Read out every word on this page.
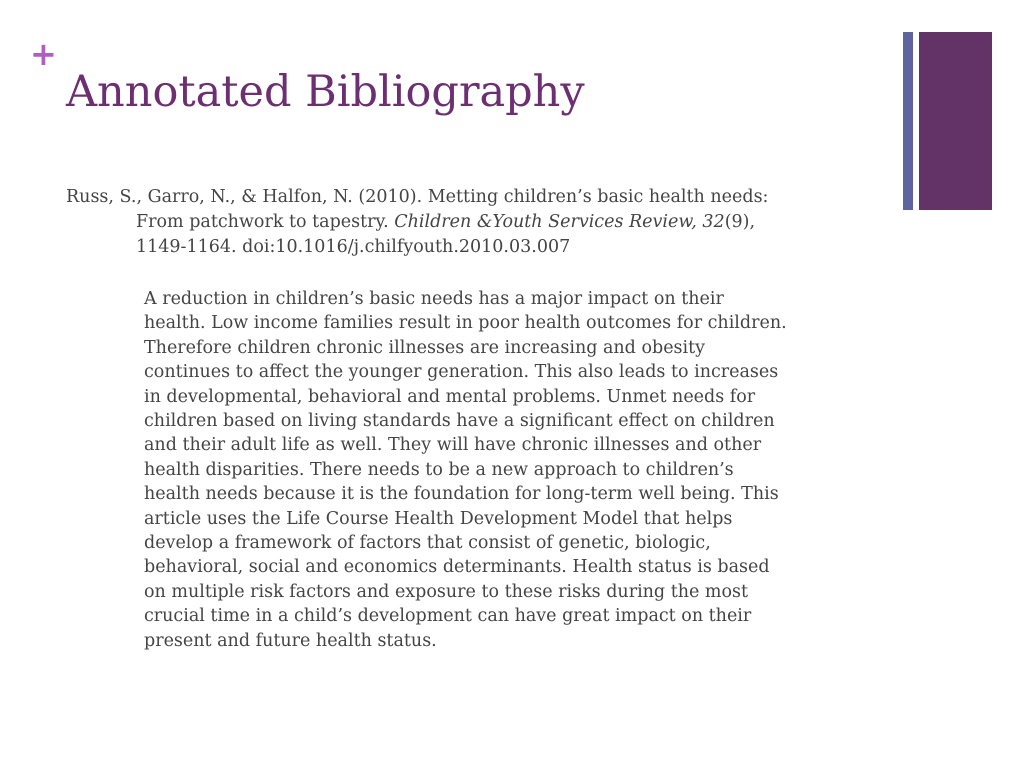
+
Annotated Bibliography
Russ, S., Garro, N., & Halfon, N. (2010). Metting children’s basic health needs:
From patchwork to tapestry. Children &Youth Services Review, 32(9),
1149-1164. doi:10.1016/j.chilfyouth.2010.03.007
A reduction in children’s basic needs has a major impact on their
health. Low income families result in poor health outcomes for children.
Therefore children chronic illnesses are increasing and obesity
continues to affect the younger generation. This also leads to increases
in developmental, behavioral and mental problems. Unmet needs for
children based on living standards have a significant effect on children
and their adult life as well. They will have chronic illnesses and other
health disparities. There needs to be a new approach to children’s
health needs because it is the foundation for long-term well being. This
article uses the Life Course Health Development Model that helps
develop a framework of factors that consist of genetic, biologic,
behavioral, social and economics determinants. Health status is based
on multiple risk factors and exposure to these risks during the most
crucial time in a child’s development can have great impact on their
present and future health status.
